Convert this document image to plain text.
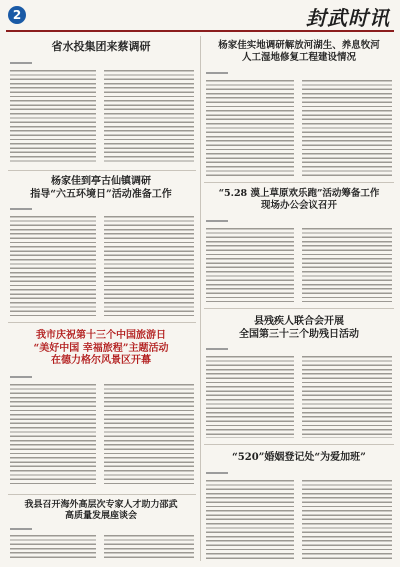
2	封武时讯
省水投集团来蔡调研
杨家佳到亭古仙镇调研
指导“六五环境日”活动准备工作
我市庆祝第十三个中国旅游日
“美好中国 幸福旅程”主题活动
在德力格尔风景区开幕
杨家佳实地调研解放河湖生、养息牧河
人工湿地修复工程建设情况
“5.28 漠上草原欢乐跑”活动筹备工作
现场办公会议召开
县残疾人联合会开展
全国第三十三个助残日活动
“520”婚姻登记处“为爱加班”
我县召开海外高层次专家人才助力邵武
高质量发展座谈会
